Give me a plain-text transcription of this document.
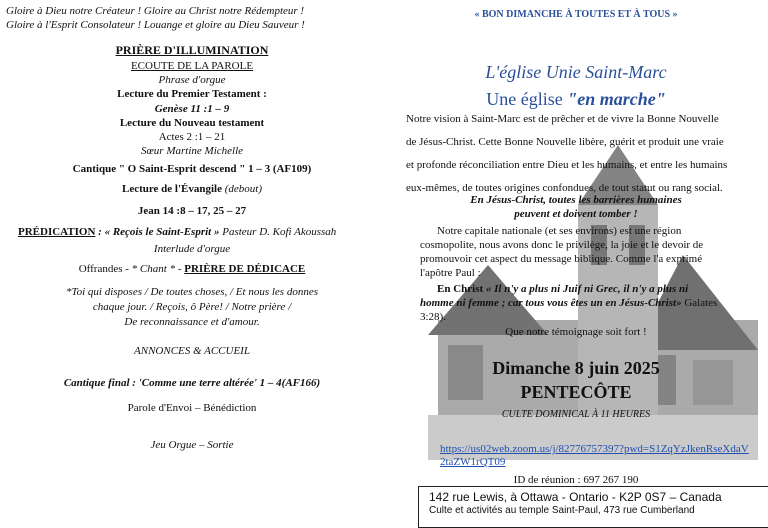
Gloire à Dieu notre Créateur ! Gloire au Christ notre Rédempteur !
Gloire à l'Esprit Consolateur ! Louange et gloire au Dieu Sauveur !
PRIÈRE D'ILLUMINATION
ECOUTE DE LA PAROLE
Phrase d'orgue
Lecture du Premier Testament :
Genèse 11 :1 – 9
Lecture du Nouveau testament
Actes 2 :1 – 21
Sœur Martine Michelle
Cantique " O Saint-Esprit descend " 1 – 3 (AF109)
Lecture de l'Évangile (debout)
Jean 14 :8 – 17, 25 – 27
PRÉDICATION : « Reçois le Saint-Esprit » Pasteur D. Kofi Akoussah
Interlude d'orgue
Offrandes - * Chant * - PRIÈRE DE DÉDICACE
*Toi qui disposes / De toutes choses, / Et nous les donnes
chaque jour. / Reçois, ô Père! / Notre prière /
De reconnaissance et d'amour.
ANNONCES & ACCUEIL
Cantique final : 'Comme une terre altérée' 1 – 4(AF166)
Parole d'Envoi – Bénédiction
Jeu Orgue – Sortie
« BON DIMANCHE À TOUTES ET À TOUS »
L'église Unie Saint-Marc
Une église "en marche"
Notre vision à Saint-Marc est de prêcher et de vivre la Bonne Nouvelle
de Jésus-Christ. Cette Bonne Nouvelle libère, guérit et produit une vraie
et profonde réconciliation entre Dieu et les humains, et entre les humains
eux-mêmes, de toutes origines confondues, de tout statut ou rang social.
En Jésus-Christ, toutes les barrières humaines
peuvent et doivent tomber !
Notre capitale nationale (et ses environs) est une région
cosmopolite, nous avons donc le privilège, la joie et le devoir de
promouvoir cet aspect du message biblique. Comme l'a exprimé
l'apôtre Paul :
En Christ « Il n'y a plus ni Juif ni Grec, il n'y a plus ni
homme ni femme ; car tous vous êtes un en Jésus-Christ» Galates
3:28).
Que notre témoignage soit fort !
Dimanche 8 juin 2025
PENTECÔTE
CULTE DOMINICAL À 11 HEURES
https://us02web.zoom.us/j/82776757397?pwd=S1ZqYzJkenRseXdaV
2taZW1rQT09
ID de réunion : 697 267 190
142 rue Lewis, à Ottawa - Ontario - K2P 0S7 – Canada
Culte et activités au temple Saint-Paul, 473 rue Cumberland
